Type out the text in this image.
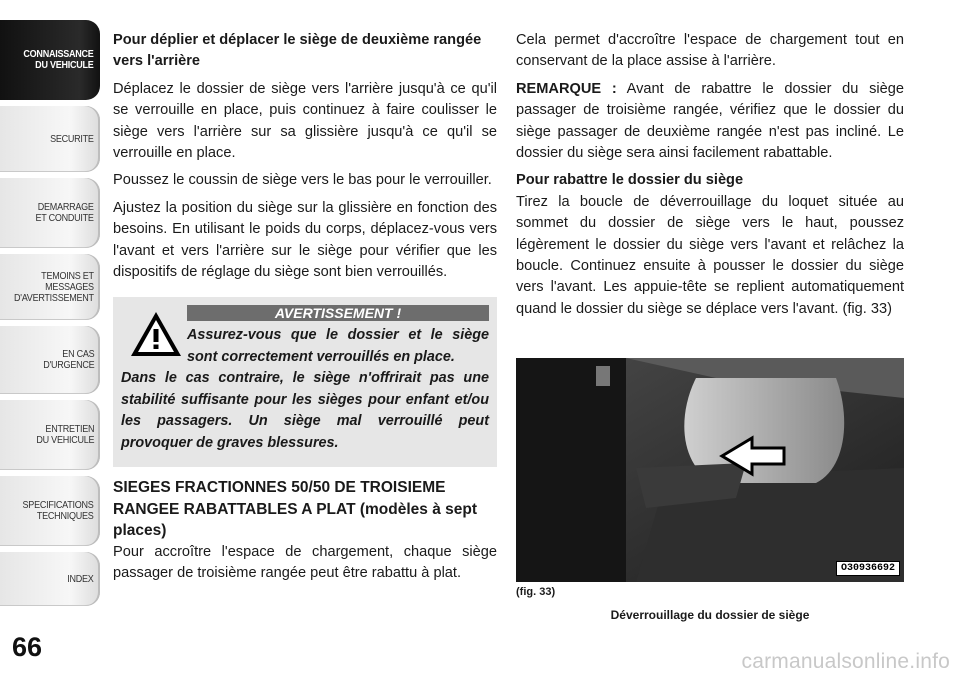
CONNAISSANCE
DU VEHICULE
SECURITE
DEMARRAGE
ET CONDUITE
TEMOINS ET
MESSAGES
D'AVERTISSEMENT
EN CAS
D'URGENCE
ENTRETIEN
DU VEHICULE
SPECIFICATIONS
TECHNIQUES
INDEX
66
Pour déplier et déplacer le siège de deuxième rangée vers l'arrière

Déplacez le dossier de siège vers l'arrière jusqu'à ce qu'il se verrouille en place, puis continuez à faire coulisser le siège vers l'arrière sur sa glissière jusqu'à ce qu'il se verrouille en place.

Poussez le coussin de siège vers le bas pour le verrouiller.

Ajustez la position du siège sur la glissière en fonction des besoins. En utilisant le poids du corps, déplacez-vous vers l'avant et vers l'arrière sur le siège pour vérifier que les dispositifs de réglage du siège sont bien verrouillés.

AVERTISSEMENT !
Assurez-vous que le dossier et le siège sont correctement verrouillés en place.
Dans le cas contraire, le siège n'offrirait pas une stabilité suffisante pour les sièges pour enfant et/ou les passagers. Un siège mal verrouillé peut provoquer de graves blessures.
SIEGES FRACTIONNES 50/50 DE TROISIEME RANGEE RABATTABLES A PLAT (modèles à sept places)

Pour accroître l'espace de chargement, chaque siège passager de troisième rangée peut être rabattu à plat.

Cela permet d'accroître l'espace de chargement tout en conservant de la place assise à l'arrière.

REMARQUE : Avant de rabattre le dossier du siège passager de troisième rangée, vérifiez que le dossier du siège passager de deuxième rangée n'est pas incliné. Le dossier du siège sera ainsi facilement rabattable.

Pour rabattre le dossier du siège

Tirez la boucle de déverrouillage du loquet située au sommet du dossier de siège vers le haut, poussez légèrement le dossier du siège vers l'avant et relâchez la boucle. Continuez ensuite à pousser le dossier du siège vers l'avant. Les appuie-tête se replient automatiquement quand le dossier du siège se déplace vers l'avant. (fig. 33)

O30936692
(fig. 33)
Déverrouillage du dossier de siège
carmanualsonline.info
